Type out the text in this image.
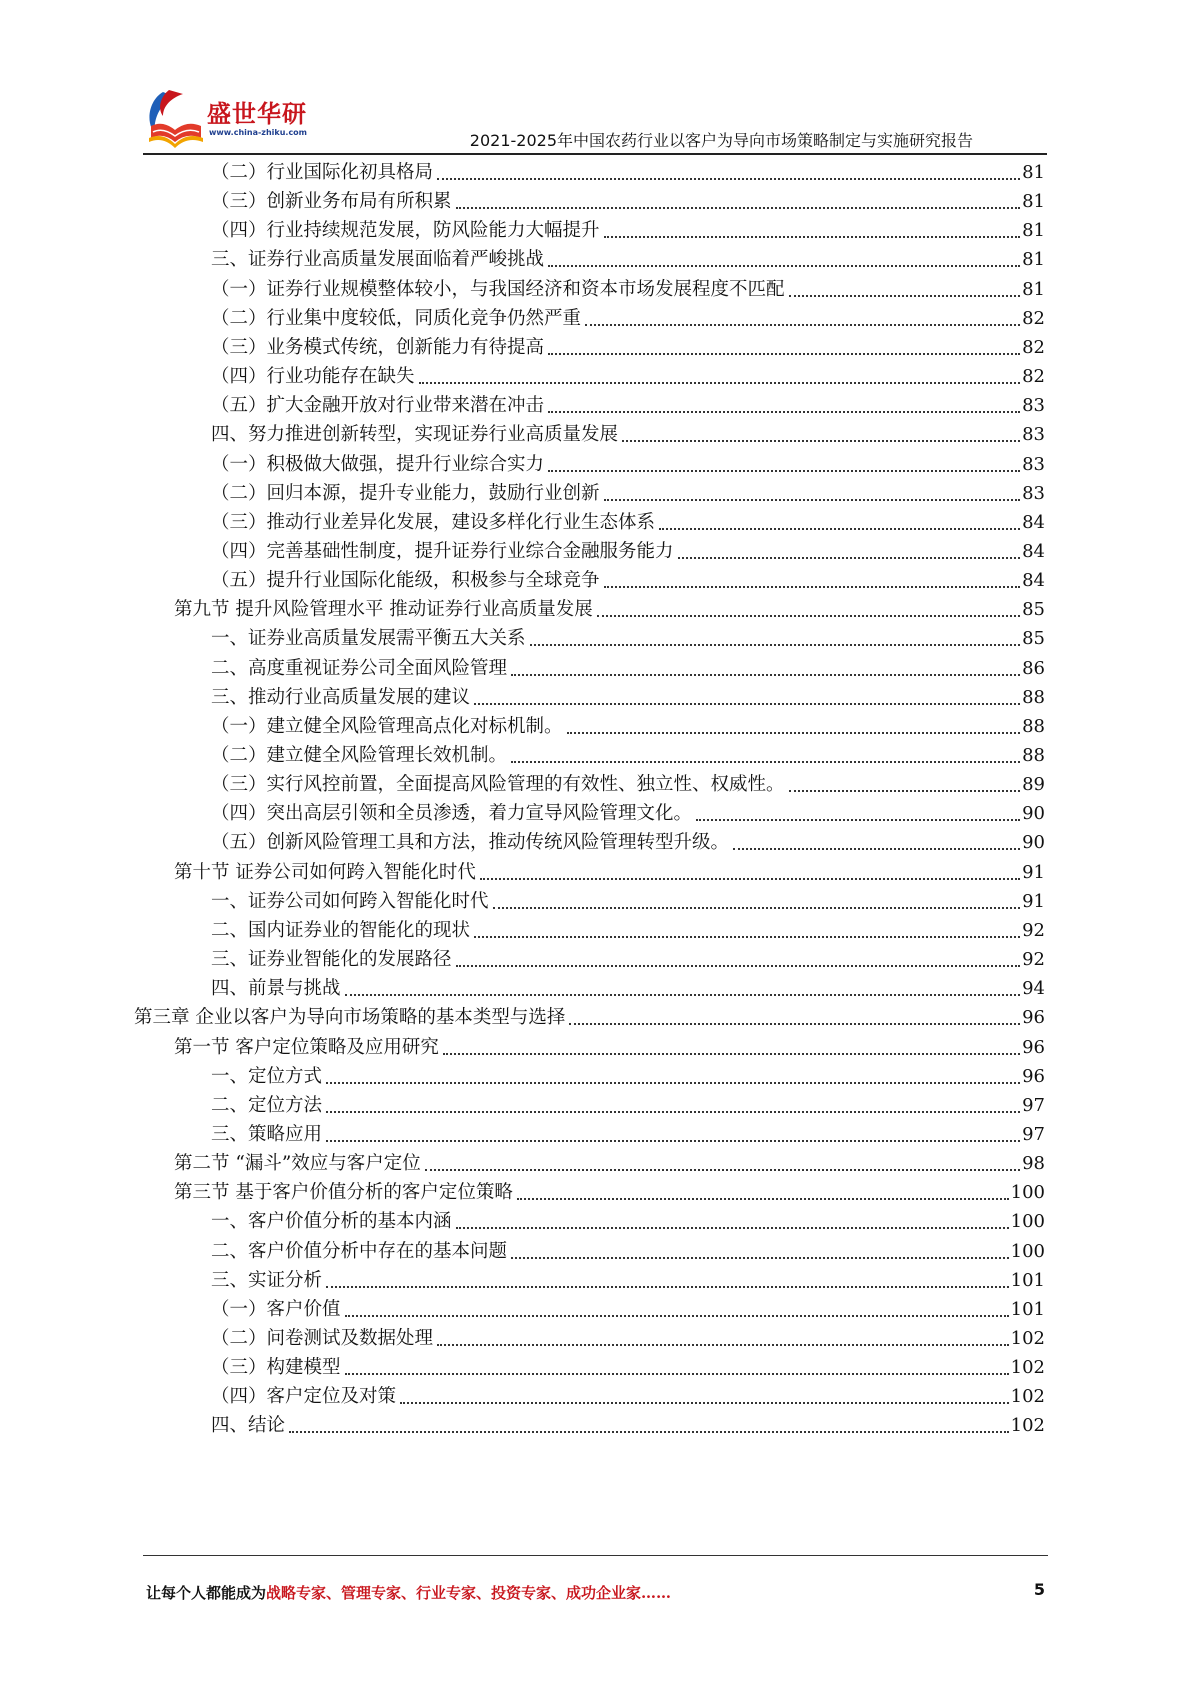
盛世华研
www.china-zhiku.com	2021-2025年中国农药行业以客户为导向市场策略制定与实施研究报告
（二）行业国际化初具格局	81
（三）创新业务布局有所积累	81
（四）行业持续规范发展，防风险能力大幅提升	81
三、证券行业高质量发展面临着严峻挑战	81
（一）证券行业规模整体较小，与我国经济和资本市场发展程度不匹配	81
（二）行业集中度较低，同质化竞争仍然严重	82
（三）业务模式传统，创新能力有待提高	82
（四）行业功能存在缺失	82
（五）扩大金融开放对行业带来潜在冲击	83
四、努力推进创新转型，实现证券行业高质量发展	83
（一）积极做大做强，提升行业综合实力	83
（二）回归本源，提升专业能力，鼓励行业创新	83
（三）推动行业差异化发展，建设多样化行业生态体系	84
（四）完善基础性制度，提升证券行业综合金融服务能力	84
（五）提升行业国际化能级，积极参与全球竞争	84
第九节 提升风险管理水平 推动证券行业高质量发展	85
一、证券业高质量发展需平衡五大关系	85
二、高度重视证券公司全面风险管理	86
三、推动行业高质量发展的建议	88
（一）建立健全风险管理高点化对标机制。	88
（二）建立健全风险管理长效机制。	88
（三）实行风控前置，全面提高风险管理的有效性、独立性、权威性。	89
（四）突出高层引领和全员渗透，着力宣导风险管理文化。	90
（五）创新风险管理工具和方法，推动传统风险管理转型升级。	90
第十节 证券公司如何跨入智能化时代	91
一、证券公司如何跨入智能化时代	91
二、国内证券业的智能化的现状	92
三、证券业智能化的发展路径	92
四、前景与挑战	94
第三章 企业以客户为导向市场策略的基本类型与选择	96
第一节 客户定位策略及应用研究	96
一、定位方式	96
二、定位方法	97
三、策略应用	97
第二节 “漏斗”效应与客户定位	98
第三节 基于客户价值分析的客户定位策略	100
一、客户价值分析的基本内涵	100
二、客户价值分析中存在的基本问题	100
三、实证分析	101
（一）客户价值	101
（二）问卷测试及数据处理	102
（三）构建模型	102
（四）客户定位及对策	102
四、结论	102
让每个人都能成为战略专家、管理专家、行业专家、投资专家、成功企业家……	5
